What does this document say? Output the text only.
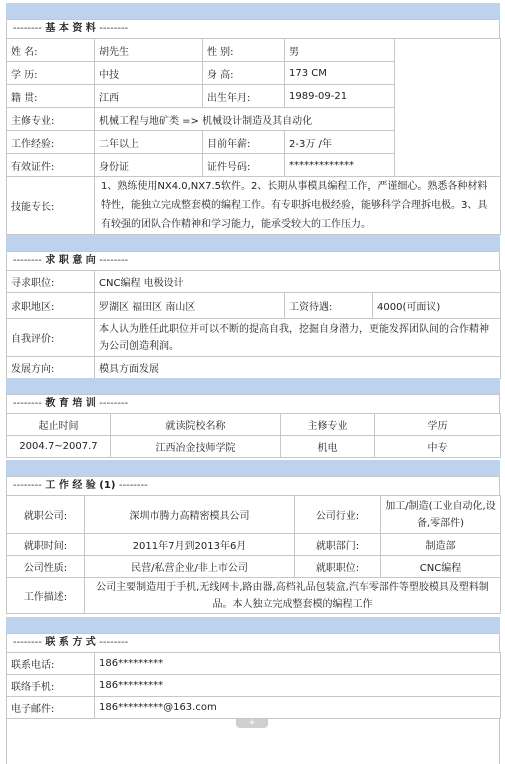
-------- 基 本 资 料 --------
姓 名:	胡先生	性 别:	男	
学 历:	中技	身 高:	173 CM	
籍 贯:	江西	出生年月:	1989-09-21	
主修专业:	机械工程与地矿类 => 机械设计制造及其自动化			
工作经验:	二年以上	目前年薪:	2-3万 /年	
有效证件:	身份证	证件号码:	*************	
技能专长:	1、熟练使用NX4.0,NX7.5软件。2、长期从事模具编程工作，严谨细心。熟悉各种材料特性，能独立完成整套模的编程工作。有专职拆电极经验，能够科学合理拆电极。3、具有较强的团队合作精神和学习能力，能承受较大的工作压力。			
-------- 求 职 意 向 --------
寻求职位:	CNC编程 电极设计		
求职地区:	罗湖区 福田区 南山区	工资待遇:	4000(可面议)
自我评价:	本人认为胜任此职位并可以不断的提高自我，挖掘自身潜力，更能发挥团队间的合作精神为公司创造利润。		
发展方向:	模具方面发展		
-------- 教 育 培 训 --------
起止时间	就读院校名称	主修专业	学历
2004.7~2007.7	江西冶金技师学院	机电	中专
-------- 工 作 经 验 (1) --------
就职公司:	深圳市腾力高精密模具公司	公司行业:	加工/制造(工业自动化,设备,零部件)
就职时间:	2011年7月到2013年6月	就职部门:	制造部
公司性质:	民营/私营企业/非上市公司	就职职位:	CNC编程
工作描述:	公司主要制造用于手机,无线网卡,路由器,高档礼品包装盒,汽车零部件等塑胶模具及塑料制品。本人独立完成整套模的编程工作		
-------- 联 系 方 式 --------
联系电话:	186*********
联络手机:	186*********
电子邮件:	186*********@163.com
+
